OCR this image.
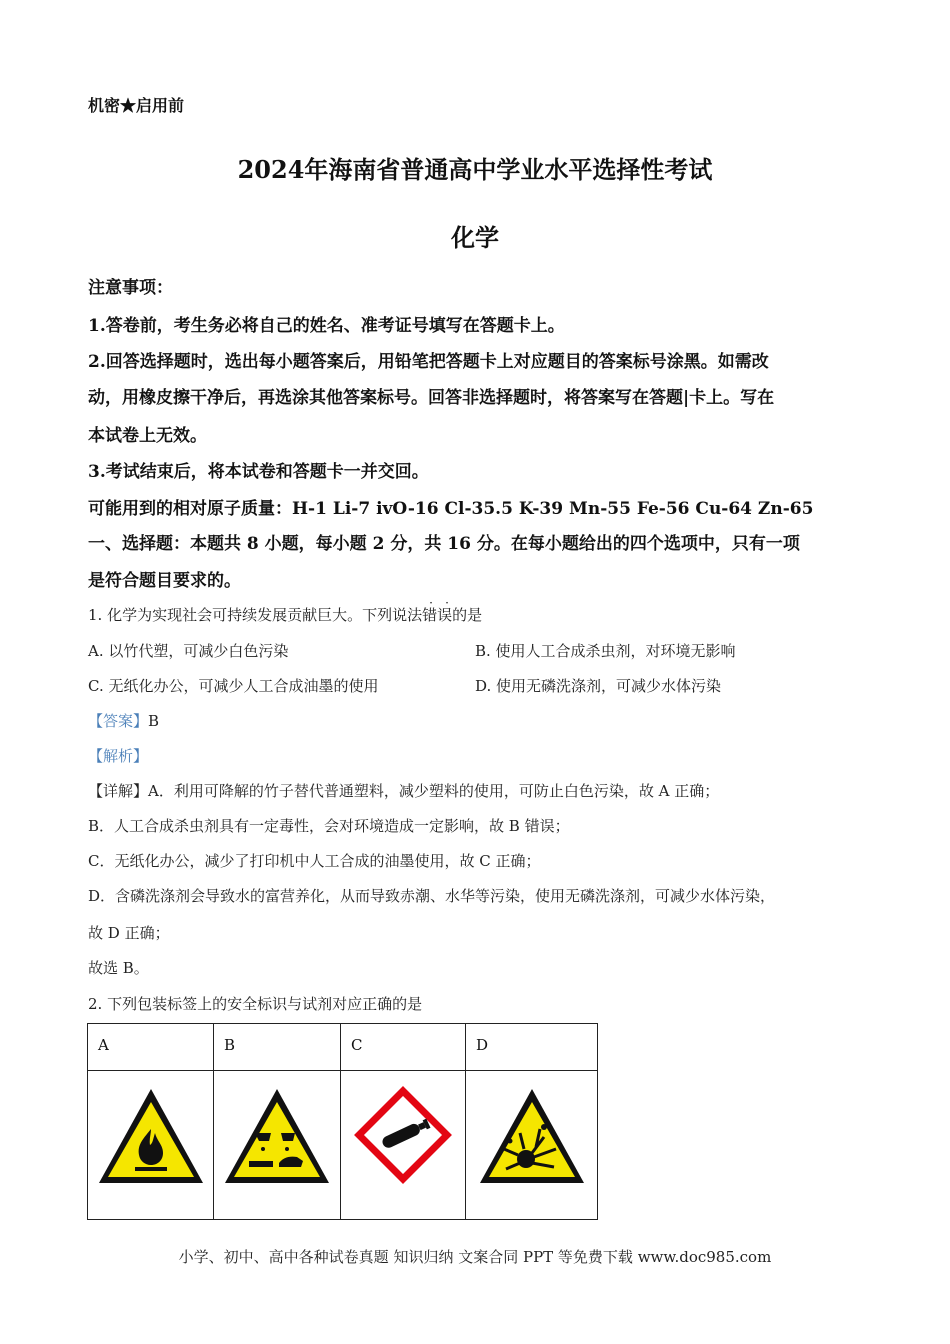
机密★启用前
2024年海南省普通高中学业水平选择性考试
化学
注意事项：
1.答卷前，考生务必将自己的姓名、准考证号填写在答题卡上。
2.回答选择题时，选出每小题答案后，用铅笔把答题卡上对应题目的答案标号涂黑。如需改
动，用橡皮擦干净后，再选涂其他答案标号。回答非选择题时，将答案写在答题|卡上。写在
本试卷上无效。
3.考试结束后，将本试卷和答题卡一并交回。
可能用到的相对原子质量：H-1 Li-7 ivO-16 Cl-35.5 K-39 Mn-55 Fe-56 Cu-64 Zn-65
一、选择题：本题共 8 小题，每小题 2 分，共 16 分。在每小题给出的四个选项中，只有一项
是符合题目要求的。
1. 化学为实现社会可持续发展贡献巨大。下列说法
· ·
错误的是
A. 以竹代塑，可减少白色污染	B. 使用人工合成杀虫剂，对环境无影响
C. 无纸化办公，可减少人工合成油墨的使用	D. 使用无磷洗涤剂，可减少水体污染
【答案】B
【解析】
【详解】A．利用可降解的竹子替代普通塑料，减少塑料的使用，可防止白色污染，故 A 正确；
B．人工合成杀虫剂具有一定毒性，会对环境造成一定影响，故 B 错误；
C．无纸化办公，减少了打印机中人工合成的油墨使用，故 C 正确；
D．含磷洗涤剂会导致水的富营养化，从而导致赤潮、水华等污染，使用无磷洗涤剂，可减少水体污染，
故 D 正确；
故选 B。
2. 下列包装标签上的安全标识与试剂对应正确的是
A	B	C	D

小学、初中、高中各种试卷真题 知识归纳 文案合同 PPT 等免费下载 www.doc985.com
